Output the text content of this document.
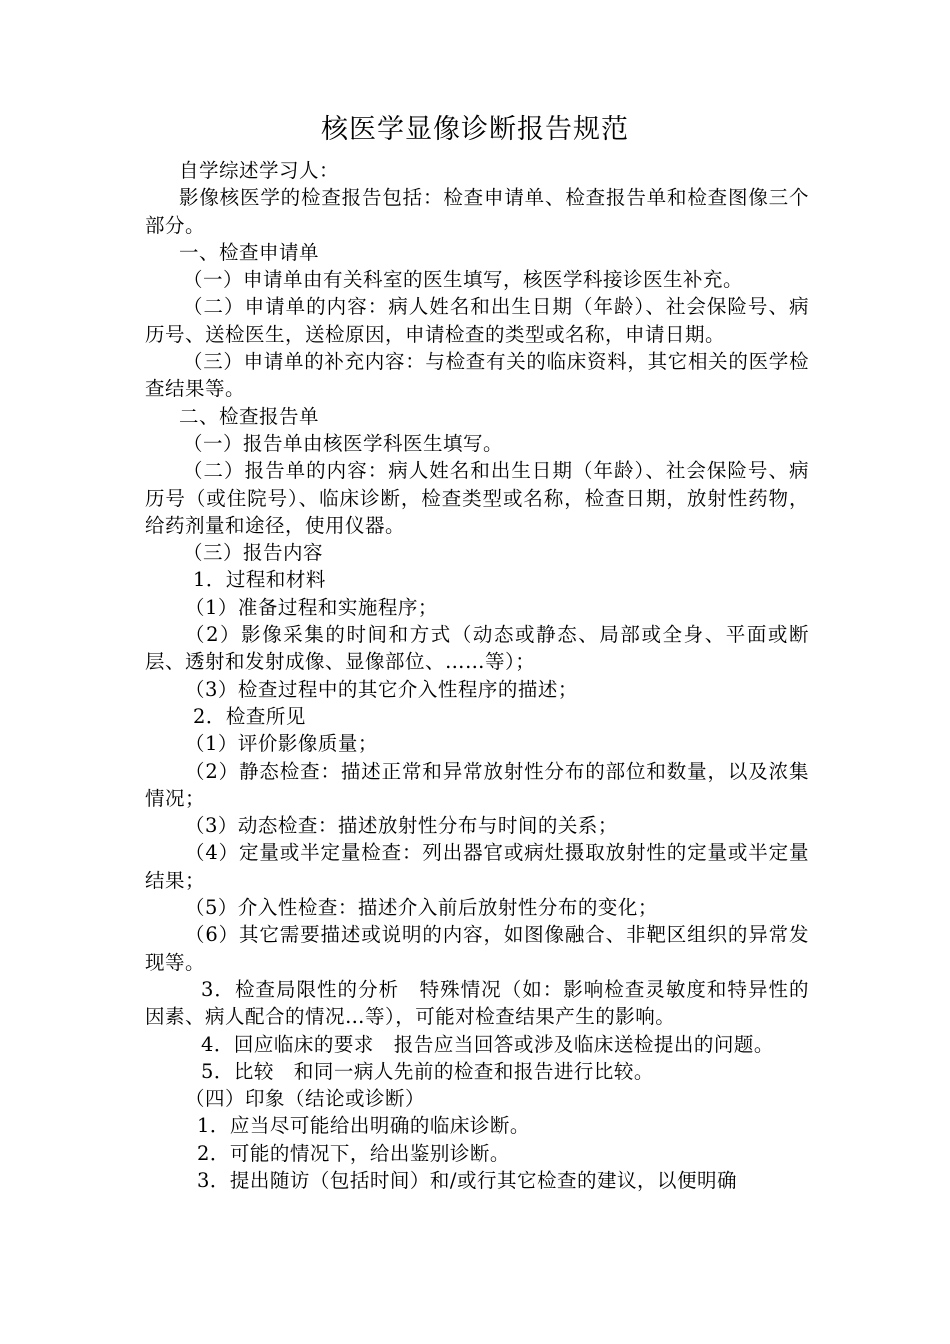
核医学显像诊断报告规范

自学综述学习人：

影像核医学的检查报告包括：检查申请单、检查报告单和检查图像三个部分。

一、检查申请单

（一）申请单由有关科室的医生填写，核医学科接诊医生补充。

（二）申请单的内容：病人姓名和出生日期（年龄）、社会保险号、病历号、送检医生，送检原因，申请检查的类型或名称，申请日期。

（三）申请单的补充内容：与检查有关的临床资料，其它相关的医学检查结果等。

二、检查报告单

（一）报告单由核医学科医生填写。

（二）报告单的内容：病人姓名和出生日期（年龄）、社会保险号、病历号（或住院号）、临床诊断，检查类型或名称，检查日期，放射性药物，给药剂量和途径，使用仪器。

（三）报告内容

1．过程和材料

（1）准备过程和实施程序；

（2）影像采集的时间和方式（动态或静态、局部或全身、平面或断层、透射和发射成像、显像部位、……等）；

（3）检查过程中的其它介入性程序的描述；

2．检查所见

（1）评价影像质量；

（2）静态检查：描述正常和异常放射性分布的部位和数量，以及浓集情况；

（3）动态检查：描述放射性分布与时间的关系；

（4）定量或半定量检查：列出器官或病灶摄取放射性的定量或半定量结果；

（5）介入性检查：描述介入前后放射性分布的变化；

（6）其它需要描述或说明的内容，如图像融合、非靶区组织的异常发现等。

3．检查局限性的分析　特殊情况（如：影响检查灵敏度和特异性的因素、病人配合的情况…等），可能对检查结果产生的影响。

4．回应临床的要求　报告应当回答或涉及临床送检提出的问题。

5．比较　和同一病人先前的检查和报告进行比较。

（四）印象（结论或诊断）

1．应当尽可能给出明确的临床诊断。

2．可能的情况下，给出鉴别诊断。

3．提出随访（包括时间）和/或行其它检查的建议，以便明确
